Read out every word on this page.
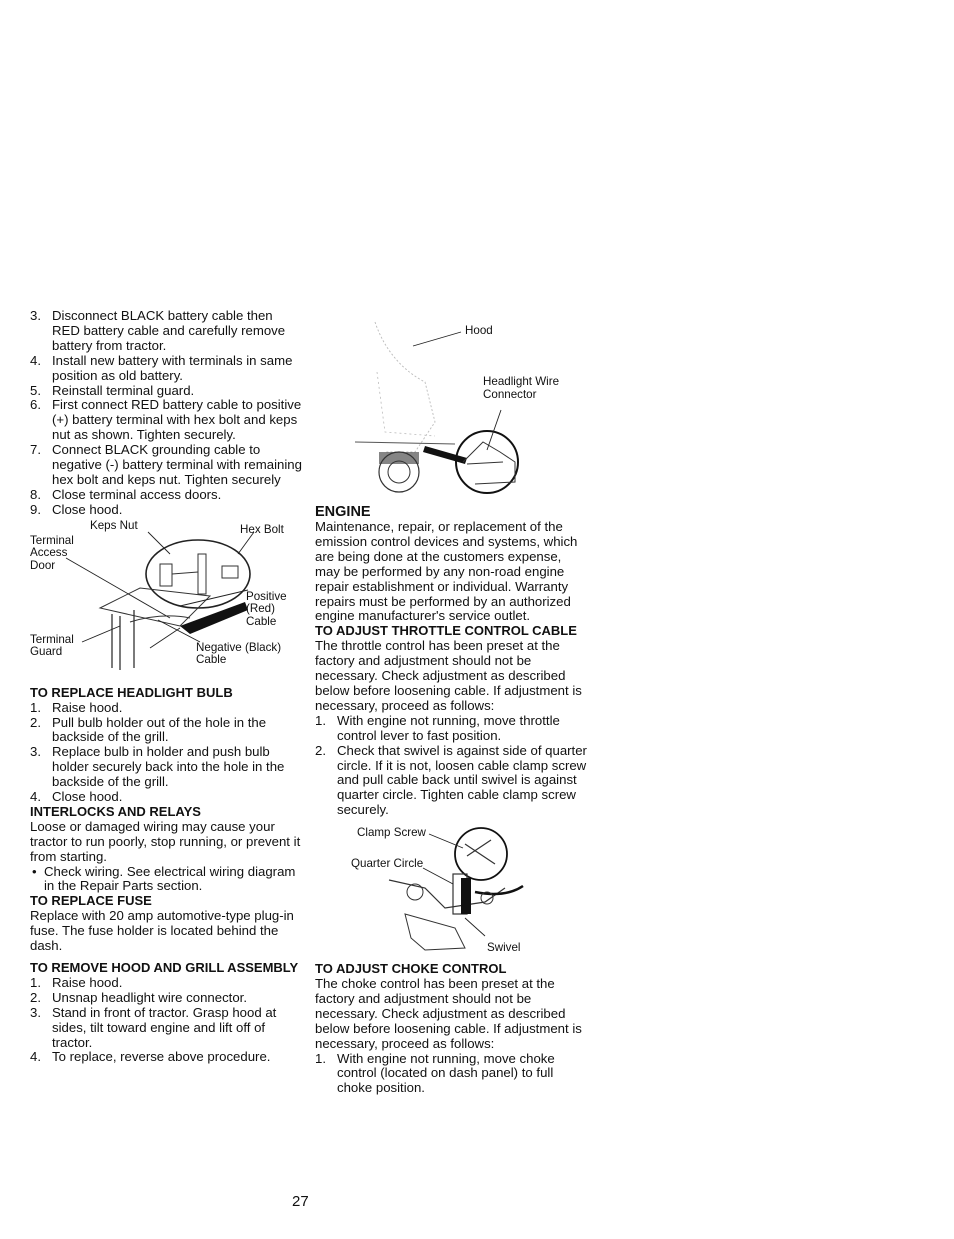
3. Disconnect BLACK battery cable then RED battery cable and carefully remove battery from tractor.
4. Install new battery with terminals in same position as old battery.
5. Reinstall terminal guard.
6. First connect RED battery cable to positive (+) battery terminal with hex bolt and keps nut as shown. Tighten securely.
7. Connect BLACK grounding cable to negative (-) battery terminal with remaining hex bolt and keps nut. Tighten securely
8. Close terminal access doors.
9. Close hood.
Keps Nut	Hex Bolt
Terminal
Access
Door
Positive
(Red)
Cable
Terminal
Guard	Negative (Black)
Cable
TO REPLACE HEADLIGHT BULB
1. Raise hood.
2. Pull bulb holder out of the hole in the backside of the grill.
3. Replace bulb in holder and push bulb holder securely back into the hole in the backside of the grill.
4. Close hood.
INTERLOCKS AND RELAYS

Loose or damaged wiring may cause your tractor to run poorly, stop running, or prevent it from starting.

• Check wiring. See electrical wiring diagram in the Repair Parts section.
TO REPLACE FUSE

Replace with 20 amp automotive-type plug-in fuse. The fuse holder is located behind the dash.

TO REMOVE HOOD AND GRILL ASSEMBLY
1. Raise hood.
2. Unsnap headlight wire connector.
3. Stand in front of tractor. Grasp hood at sides, tilt toward engine and lift off of tractor.
4. To replace, reverse above procedure.
Hood
Headlight Wire
Connector
ENGINE

Maintenance, repair, or replacement of the emission control devices and systems, which are being done at the customers expense, may be performed by any non-road engine repair establishment or individual. Warranty repairs must be performed by an authorized engine manufacturer's service outlet.

TO ADJUST THROTTLE CONTROL CABLE

The throttle control has been preset at the factory and adjustment should not be necessary. Check adjustment as described below before loosening cable. If adjustment is necessary, proceed as follows:

1. With engine not running, move throttle control lever to fast position.
2. Check that swivel is against side of quarter circle. If it is not, loosen cable clamp screw and pull cable back until swivel is against quarter circle. Tighten cable clamp screw securely.
Clamp Screw
Quarter Circle
Swivel
TO ADJUST CHOKE CONTROL

The choke control has been preset at the factory and adjustment should not be necessary. Check adjustment as described below before loosening cable. If adjustment is necessary, proceed as follows:

1. With engine not running, move choke control (located on dash panel) to full choke position.
27
